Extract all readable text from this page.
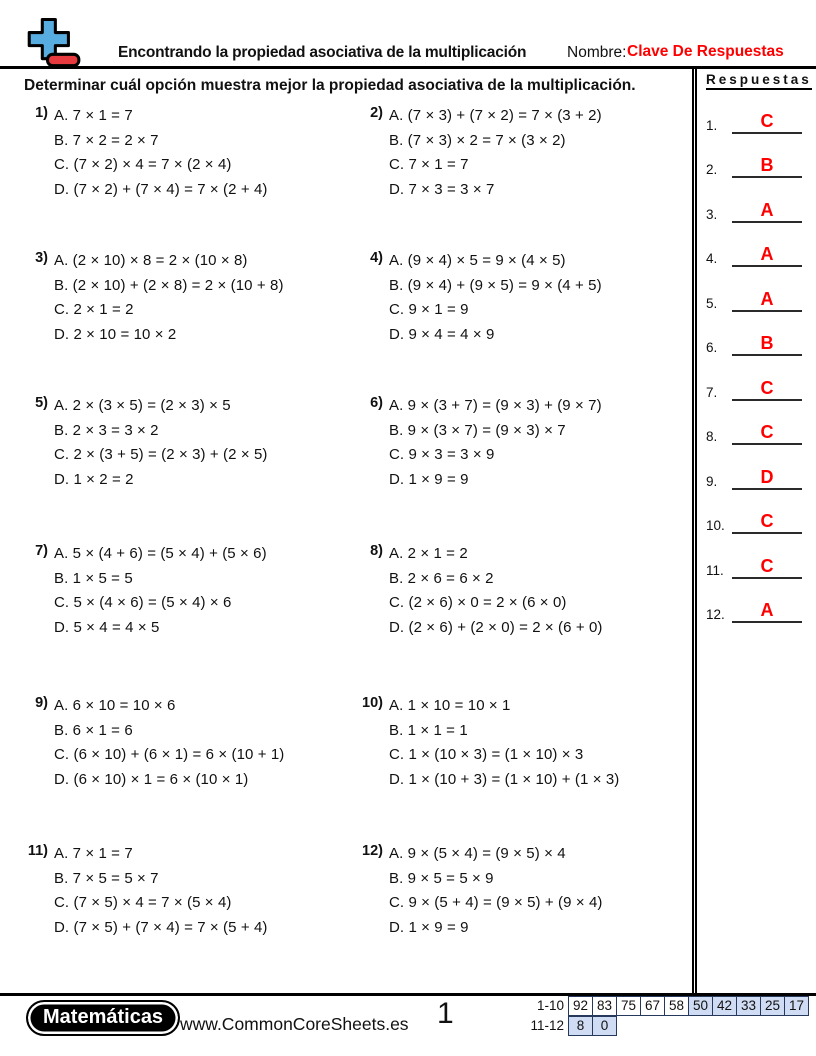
Encontrando la propiedad asociativa de la multiplicación	Nombre: Clave De Respuestas
Determinar cuál opción muestra mejor la propiedad asociativa de la multiplicación.	Respuestas
1.	C
2.	B
3.	A
4.	A
5.	A
6.	B
7.	C
8.	C
9.	D
10.	C
11.	C
12.	A
1) A. 7 × 1 = 7
B. 7 × 2 = 2 × 7
C. (7 × 2) × 4 = 7 × (2 × 4)
D. (7 × 2) + (7 × 4) = 7 × (2 + 4)
2) A. (7 × 3) + (7 × 2) = 7 × (3 + 2)
B. (7 × 3) × 2 = 7 × (3 × 2)
C. 7 × 1 = 7
D. 7 × 3 = 3 × 7
3) A. (2 × 10) × 8 = 2 × (10 × 8)
B. (2 × 10) + (2 × 8) = 2 × (10 + 8)
C. 2 × 1 = 2
D. 2 × 10 = 10 × 2
4) A. (9 × 4) × 5 = 9 × (4 × 5)
B. (9 × 4) + (9 × 5) = 9 × (4 + 5)
C. 9 × 1 = 9
D. 9 × 4 = 4 × 9
5) A. 2 × (3 × 5) = (2 × 3) × 5
B. 2 × 3 = 3 × 2
C. 2 × (3 + 5) = (2 × 3) + (2 × 5)
D. 1 × 2 = 2
6) A. 9 × (3 + 7) = (9 × 3) + (9 × 7)
B. 9 × (3 × 7) = (9 × 3) × 7
C. 9 × 3 = 3 × 9
D. 1 × 9 = 9
7) A. 5 × (4 + 6) = (5 × 4) + (5 × 6)
B. 1 × 5 = 5
C. 5 × (4 × 6) = (5 × 4) × 6
D. 5 × 4 = 4 × 5
8) A. 2 × 1 = 2
B. 2 × 6 = 6 × 2
C. (2 × 6) × 0 = 2 × (6 × 0)
D. (2 × 6) + (2 × 0) = 2 × (6 + 0)
9) A. 6 × 10 = 10 × 6
B. 6 × 1 = 6
C. (6 × 10) + (6 × 1) = 6 × (10 + 1)
D. (6 × 10) × 1 = 6 × (10 × 1)
10) A. 1 × 10 = 10 × 1
B. 1 × 1 = 1
C. 1 × (10 × 3) = (1 × 10) × 3
D. 1 × (10 + 3) = (1 × 10) + (1 × 3)
11) A. 7 × 1 = 7
B. 7 × 5 = 5 × 7
C. (7 × 5) × 4 = 7 × (5 × 4)
D. (7 × 5) + (7 × 4) = 7 × (5 + 4)
12) A. 9 × (5 × 4) = (9 × 5) × 4
B. 9 × 5 = 5 × 9
C. 9 × (5 + 4) = (9 × 5) + (9 × 4)
D. 1 × 9 = 9
Matemáticas www.CommonCoreSheets.es 1	1-10 92 83 75 67 58 50 42 33 25 17
11-12 8	0
